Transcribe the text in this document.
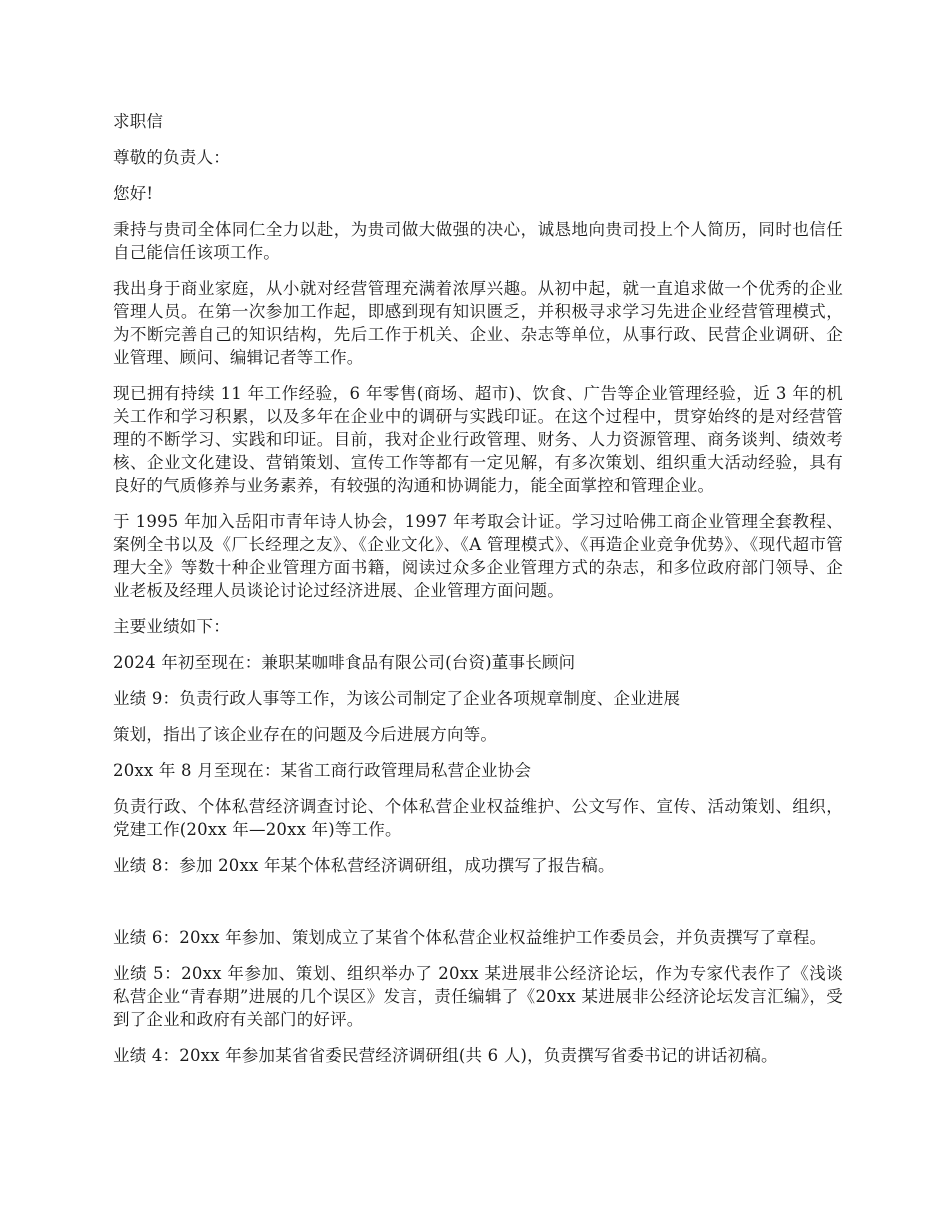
求职信

尊敬的负责人：

您好!

秉持与贵司全体同仁全力以赴，为贵司做大做强的决心，诚恳地向贵司投上个人简历，同时也信任自己能信任该项工作。

我出身于商业家庭，从小就对经营管理充满着浓厚兴趣。从初中起，就一直追求做一个优秀的企业管理人员。在第一次参加工作起，即感到现有知识匮乏，并积极寻求学习先进企业经营管理模式，为不断完善自己的知识结构，先后工作于机关、企业、杂志等单位，从事行政、民营企业调研、企业管理、顾问、编辑记者等工作。

现已拥有持续 11 年工作经验，6 年零售(商场、超市)、饮食、广告等企业管理经验，近 3 年的机关工作和学习积累，以及多年在企业中的调研与实践印证。在这个过程中，贯穿始终的是对经营管理的不断学习、实践和印证。目前，我对企业行政管理、财务、人力资源管理、商务谈判、绩效考核、企业文化建设、营销策划、宣传工作等都有一定见解，有多次策划、组织重大活动经验，具有良好的气质修养与业务素养，有较强的沟通和协调能力，能全面掌控和管理企业。

于 1995 年加入岳阳市青年诗人协会，1997 年考取会计证。学习过哈佛工商企业管理全套教程、案例全书以及《厂长经理之友》、《企业文化》、《A 管理模式》、《再造企业竞争优势》、《现代超市管理大全》等数十种企业管理方面书籍，阅读过众多企业管理方式的杂志，和多位政府部门领导、企业老板及经理人员谈论讨论过经济进展、企业管理方面问题。

主要业绩如下：

2024 年初至现在：兼职某咖啡食品有限公司(台资)董事长顾问

业绩 9：负责行政人事等工作，为该公司制定了企业各项规章制度、企业进展

策划，指出了该企业存在的问题及今后进展方向等。

20xx 年 8 月至现在：某省工商行政管理局私营企业协会

负责行政、个体私营经济调查讨论、个体私营企业权益维护、公文写作、宣传、活动策划、组织，党建工作(20xx 年—20xx 年)等工作。

业绩 8：参加 20xx 年某个体私营经济调研组，成功撰写了报告稿。

业绩 6：20xx 年参加、策划成立了某省个体私营企业权益维护工作委员会，并负责撰写了章程。

业绩 5：20xx 年参加、策划、组织举办了 20xx 某进展非公经济论坛，作为专家代表作了《浅谈私营企业“青春期”进展的几个误区》发言，责任编辑了《20xx 某进展非公经济论坛发言汇编》，受到了企业和政府有关部门的好评。

业绩 4：20xx 年参加某省省委民营经济调研组(共 6 人)，负责撰写省委书记的讲话初稿。
